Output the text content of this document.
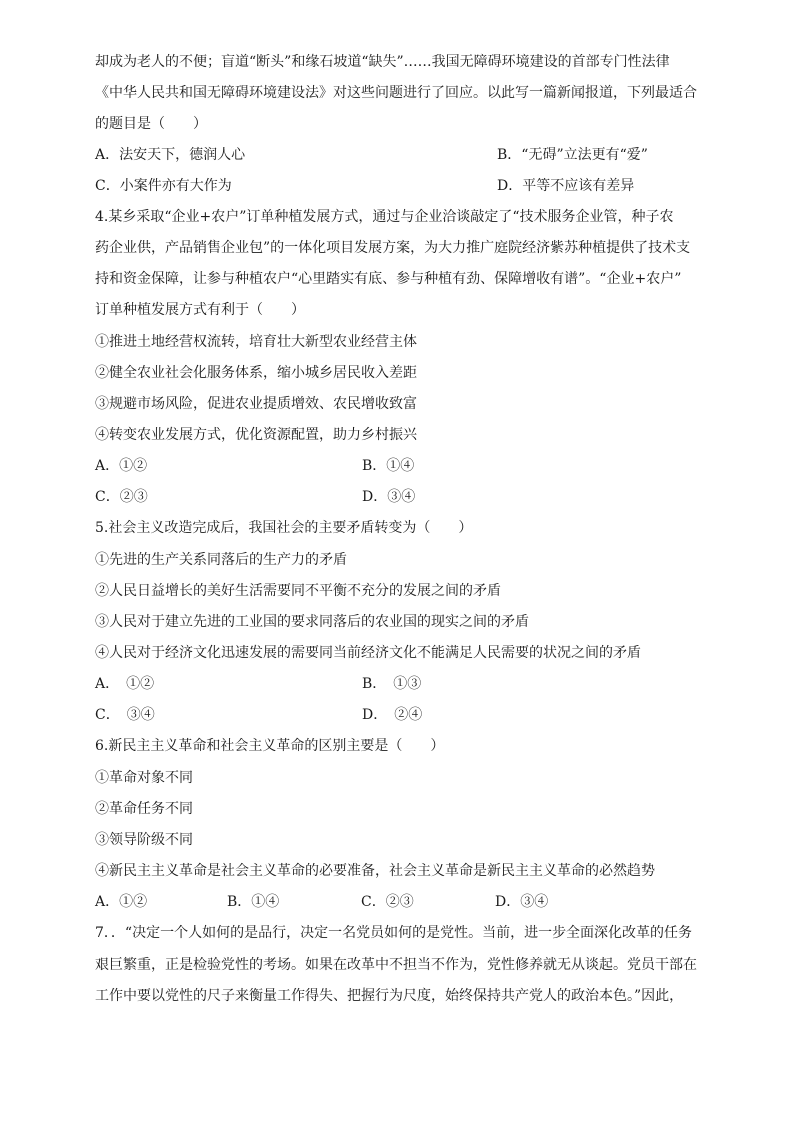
却成为老人的不便；盲道“断头”和缘石坡道“缺失”……我国无障碍环境建设的首部专门性法律
《中华人民共和国无障碍环境建设法》对这些问题进行了回应。以此写一篇新闻报道，下列最适合
的题目是（　　）
A．法安天下，德润人心	B．“无碍”立法更有“爱”
C．小案件亦有大作为	D．平等不应该有差异
4.某乡采取“企业+农户”订单种植发展方式，通过与企业洽谈敲定了“技术服务企业管，种子农
药企业供，产品销售企业包”的一体化项目发展方案，为大力推广庭院经济紫苏种植提供了技术支
持和资金保障，让参与种植农户“心里踏实有底、参与种植有劲、保障增收有谱”。“企业+农户”
订单种植发展方式有利于（　　）
①推进土地经营权流转，培育壮大新型农业经营主体
②健全农业社会化服务体系，缩小城乡居民收入差距
③规避市场风险，促进农业提质增效、农民增收致富
④转变农业发展方式，优化资源配置，助力乡村振兴
A．①②	B．①④
C．②③	D．③④
5.社会主义改造完成后，我国社会的主要矛盾转变为（　　）
①先进的生产关系同落后的生产力的矛盾
②人民日益增长的美好生活需要同不平衡不充分的发展之间的矛盾
③人民对于建立先进的工业国的要求同落后的农业国的现实之间的矛盾
④人民对于经济文化迅速发展的需要同当前经济文化不能满足人民需要的状况之间的矛盾
A．　①②	B．　①③
C．　③④	D．　②④
6.新民主主义革命和社会主义革命的区别主要是（　　）
①革命对象不同
②革命任务不同
③领导阶级不同
④新民主主义革命是社会主义革命的必要准备，社会主义革命是新民主主义革命的必然趋势
A．①②	B．①④	C．②③	D．③④
7．．“决定一个人如何的是品行，决定一名党员如何的是党性。当前，进一步全面深化改革的任务
艰巨繁重，正是检验党性的考场。如果在改革中不担当不作为，党性修养就无从谈起。党员干部在
工作中要以党性的尺子来衡量工作得失、把握行为尺度，始终保持共产党人的政治本色。”因此，
